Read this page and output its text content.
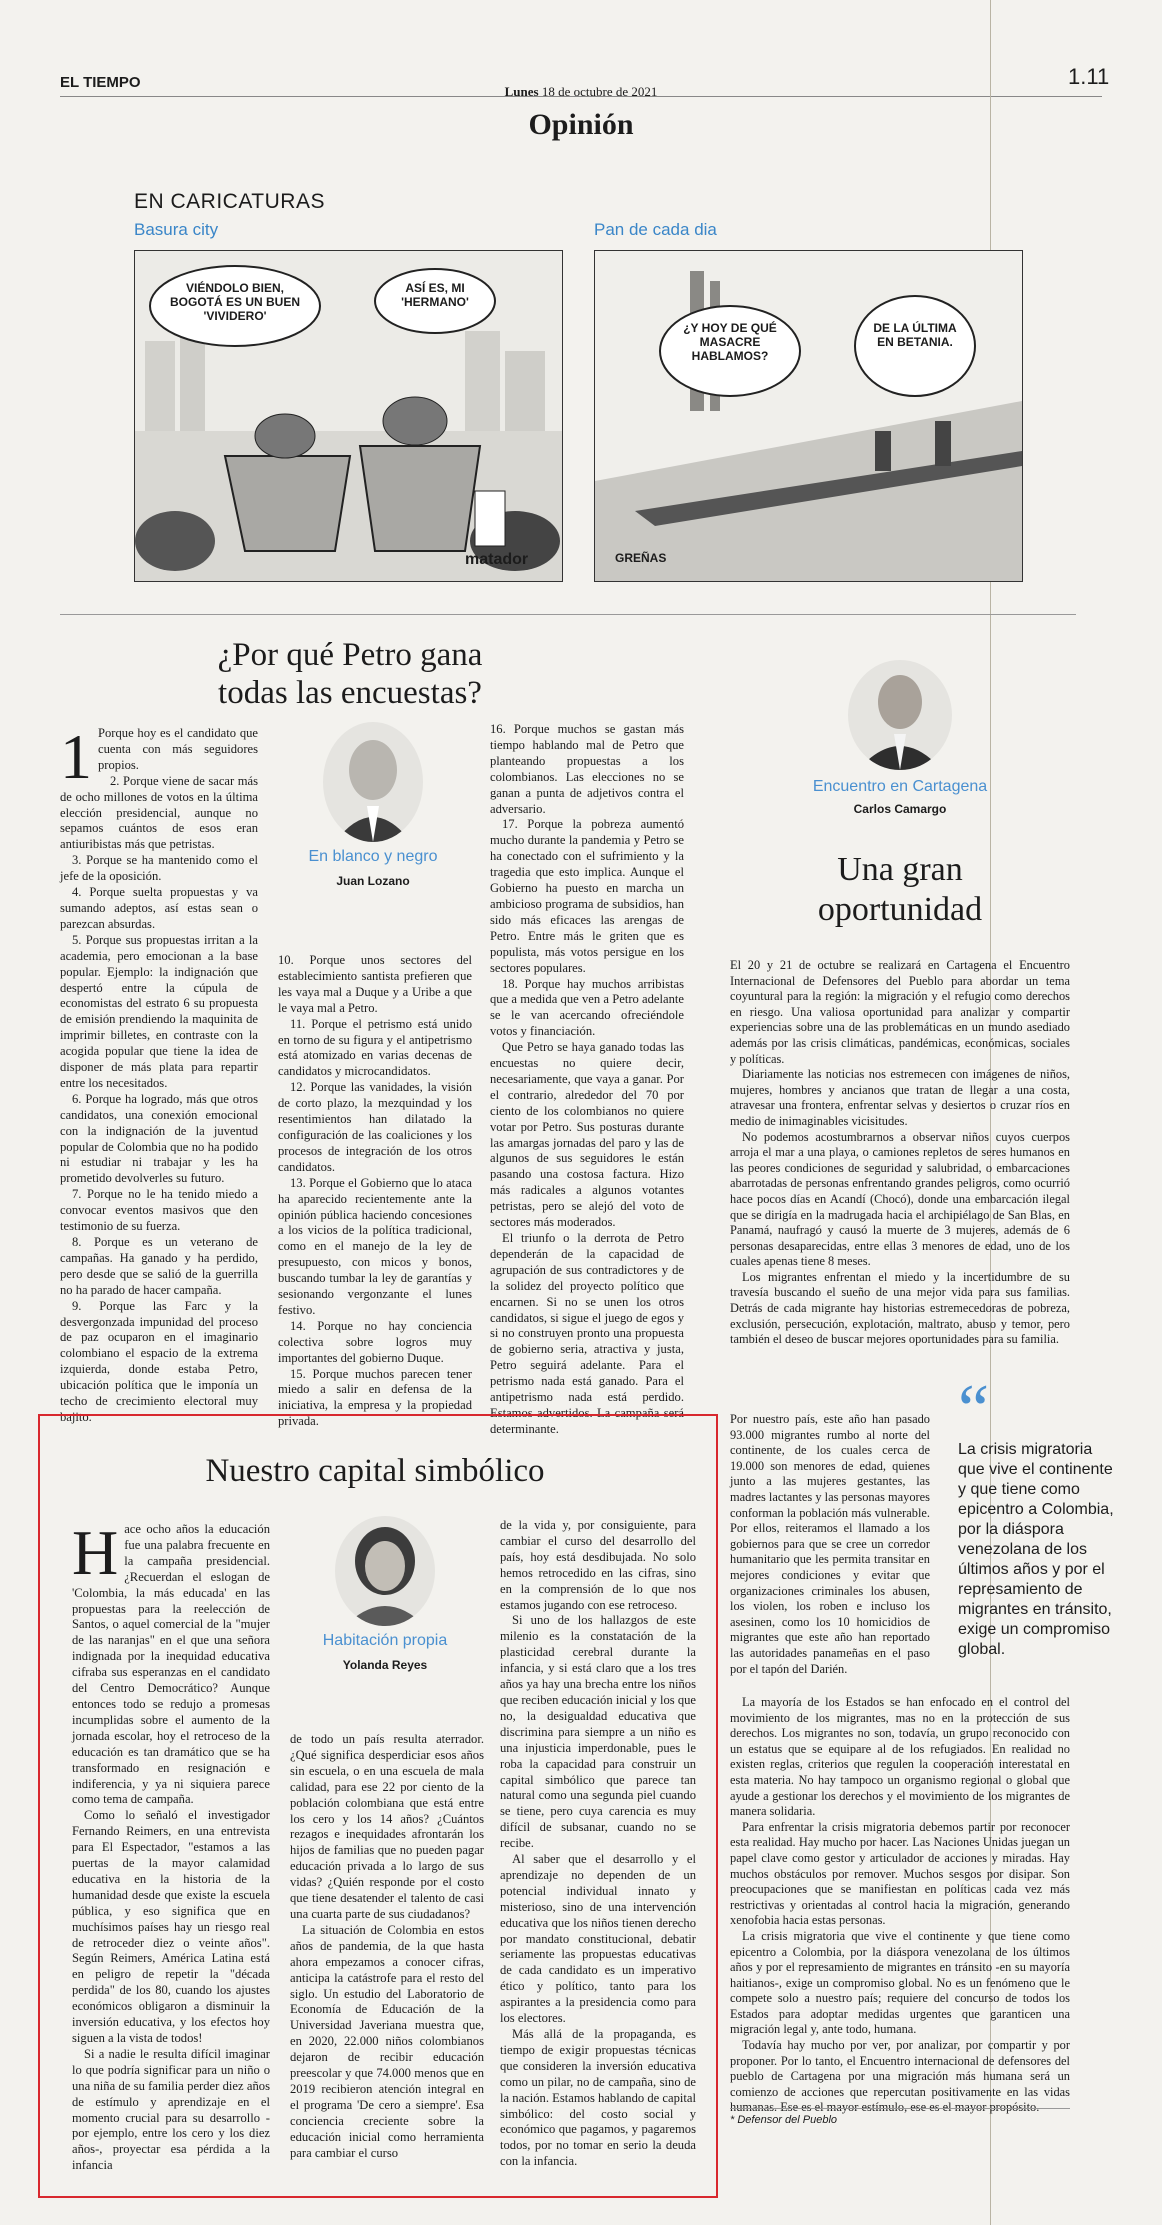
EL TIEMPO
Lunes 18 de octubre de 2021
1.11
Opinión
EN CARICATURAS
Basura city	Pan de cada dia
VIÉNDOLO BIEN, BOGOTÁ ES UN BUEN 'VIVIDERO'
ASÍ ES, MI 'HERMANO'
matador
¿Y HOY DE QUÉ MASACRE HABLAMOS?
DE LA ÚLTIMA EN BETANIA.
GREÑAS
¿Por qué Petro gana
todas las encuestas?

1 Porque hoy es el candidato que cuenta con más seguidores propios.

2. Porque viene de sacar más de ocho millones de votos en la última elección presidencial, aunque no sepamos cuántos de esos eran antiuribistas más que petristas.

3. Porque se ha mantenido como el jefe de la oposición.

4. Porque suelta propuestas y va sumando adeptos, así estas sean o parezcan absurdas.

5. Porque sus propuestas irritan a la academia, pero emocionan a la base popular. Ejemplo: la indignación que despertó entre la cúpula de economistas del estrato 6 su propuesta de emisión prendiendo la maquinita de imprimir billetes, en contraste con la acogida popular que tiene la idea de disponer de más plata para repartir entre los necesitados.

6. Porque ha logrado, más que otros candidatos, una conexión emocional con la indignación de la juventud popular de Colombia que no ha podido ni estudiar ni trabajar y les ha prometido devolverles su futuro.

7. Porque no le ha tenido miedo a convocar eventos masivos que den testimonio de su fuerza.

8. Porque es un veterano de campañas. Ha ganado y ha perdido, pero desde que se salió de la guerrilla no ha parado de hacer campaña.

9. Porque las Farc y la desvergonzada impunidad del proceso de paz ocuparon en el imaginario colombiano el espacio de la extrema izquierda, donde estaba Petro, ubicación política que le imponía un techo de crecimiento electoral muy bajito.

En blanco y negro
Juan Lozano

10. Porque unos sectores del establecimiento santista prefieren que les vaya mal a Duque y a Uribe a que le vaya mal a Petro.

11. Porque el petrismo está unido en torno de su figura y el antipetrismo está atomizado en varias decenas de candidatos y microcandidatos.

12. Porque las vanidades, la visión de corto plazo, la mezquindad y los resentimientos han dilatado la configuración de las coaliciones y los procesos de integración de los otros candidatos.

13. Porque el Gobierno que lo ataca ha aparecido recientemente ante la opinión pública haciendo concesiones a los vicios de la política tradicional, como en el manejo de la ley de presupuesto, con micos y bonos, buscando tumbar la ley de garantías y sesionando vergonzante el lunes festivo.

14. Porque no hay conciencia colectiva sobre logros muy importantes del gobierno Duque.

15. Porque muchos parecen tener miedo a salir en defensa de la iniciativa, la empresa y la propiedad privada.

16. Porque muchos se gastan más tiempo hablando mal de Petro que planteando propuestas a los colombianos. Las elecciones no se ganan a punta de adjetivos contra el adversario.

17. Porque la pobreza aumentó mucho durante la pandemia y Petro se ha conectado con el sufrimiento y la tragedia que esto implica. Aunque el Gobierno ha puesto en marcha un ambicioso programa de subsidios, han sido más eficaces las arengas de Petro. Entre más le griten que es populista, más votos persigue en los sectores populares.

18. Porque hay muchos arribistas que a medida que ven a Petro adelante se le van acercando ofreciéndole votos y financiación.

Que Petro se haya ganado todas las encuestas no quiere decir, necesariamente, que vaya a ganar. Por el contrario, alrededor del 70 por ciento de los colombianos no quiere votar por Petro. Sus posturas durante las amargas jornadas del paro y las de algunos de sus seguidores le están pasando una costosa factura. Hizo más radicales a algunos votantes petristas, pero se alejó del voto de sectores más moderados.

El triunfo o la derrota de Petro dependerán de la capacidad de agrupación de sus contradictores y de la solidez del proyecto político que encarnen. Si no se unen los otros candidatos, si sigue el juego de egos y si no construyen pronto una propuesta de gobierno seria, atractiva y justa, Petro seguirá adelante. Para el petrismo nada está ganado. Para el antipetrismo nada está perdido. Estamos advertidos. La campaña será determinante.

Encuentro en Cartagena
Carlos Camargo
Una gran
oportunidad

El 20 y 21 de octubre se realizará en Cartagena el Encuentro Internacional de Defensores del Pueblo para abordar un tema coyuntural para la región: la migración y el refugio como derechos en riesgo. Una valiosa oportunidad para analizar y compartir experiencias sobre una de las problemáticas en un mundo asediado además por las crisis climáticas, pandémicas, económicas, sociales y políticas.

Diariamente las noticias nos estremecen con imágenes de niños, mujeres, hombres y ancianos que tratan de llegar a una costa, atravesar una frontera, enfrentar selvas y desiertos o cruzar ríos en medio de inimaginables vicisitudes.

No podemos acostumbrarnos a observar niños cuyos cuerpos arroja el mar a una playa, o camiones repletos de seres humanos en las peores condiciones de seguridad y salubridad, o embarcaciones abarrotadas de personas enfrentando grandes peligros, como ocurrió hace pocos días en Acandí (Chocó), donde una embarcación ilegal que se dirigía en la madrugada hacia el archipiélago de San Blas, en Panamá, naufragó y causó la muerte de 3 mujeres, además de 6 personas desaparecidas, entre ellas 3 menores de edad, uno de los cuales apenas tiene 8 meses.

Los migrantes enfrentan el miedo y la incertidumbre de su travesía buscando el sueño de una mejor vida para sus familias. Detrás de cada migrante hay historias estremecedoras de pobreza, exclusión, persecución, explotación, maltrato, abuso y temor, pero también el deseo de buscar mejores oportunidades para su familia.

Por nuestro país, este año han pasado 93.000 migrantes rumbo al norte del continente, de los cuales cerca de 19.000 son menores de edad, quienes junto a las mujeres gestantes, las madres lactantes y las personas mayores conforman la población más vulnerable. Por ellos, reiteramos el llamado a los gobiernos para que se cree un corredor humanitario que les permita transitar en mejores condiciones y evitar que organizaciones criminales los abusen, los violen, los roben e incluso los asesinen, como los 10 homicidios de migrantes que este año han reportado las autoridades panameñas en el paso por el tapón del Darién.

“
La crisis migratoria que vive el continente y que tiene como epicentro a Colombia, por la diáspora venezolana de los últimos años y por el represamiento de migrantes en tránsito, exige un compromiso global.

La mayoría de los Estados se han enfocado en el control del movimiento de los migrantes, mas no en la protección de sus derechos. Los migrantes no son, todavía, un grupo reconocido con un estatus que se equipare al de los refugiados. En realidad no existen reglas, criterios que regulen la cooperación interestatal en esta materia. No hay tampoco un organismo regional o global que ayude a gestionar los derechos y el movimiento de los migrantes de manera solidaria.

Para enfrentar la crisis migratoria debemos partir por reconocer esta realidad. Hay mucho por hacer. Las Naciones Unidas juegan un papel clave como gestor y articulador de acciones y miradas. Hay muchos obstáculos por remover. Muchos sesgos por disipar. Son preocupaciones que se manifiestan en políticas cada vez más restrictivas y orientadas al control hacia la migración, generando xenofobia hacia estas personas.

La crisis migratoria que vive el continente y que tiene como epicentro a Colombia, por la diáspora venezolana de los últimos años y por el represamiento de migrantes en tránsito -en su mayoría haitianos-, exige un compromiso global. No es un fenómeno que le compete solo a nuestro país; requiere del concurso de todos los Estados para adoptar medidas urgentes que garanticen una migración legal y, ante todo, humana.

Todavía hay mucho por ver, por analizar, por compartir y por proponer. Por lo tanto, el Encuentro internacional de defensores del pueblo de Cartagena por una migración más humana será un comienzo de acciones que repercutan positivamente en las vidas humanas. Ese es el mayor estímulo, ese es el mayor propósito.

* Defensor del Pueblo
Nuestro capital simbólico

Hace ocho años la educación fue una palabra frecuente en la campaña presidencial. ¿Recuerdan el eslogan de 'Colombia, la más educada' en las propuestas para la reelección de Santos, o aquel comercial de la "mujer de las naranjas" en el que una señora indignada por la inequidad educativa cifraba sus esperanzas en el candidato del Centro Democrático? Aunque entonces todo se redujo a promesas incumplidas sobre el aumento de la jornada escolar, hoy el retroceso de la educación es tan dramático que se ha transformado en resignación e indiferencia, y ya ni siquiera parece como tema de campaña.

Como lo señaló el investigador Fernando Reimers, en una entrevista para El Espectador, "estamos a las puertas de la mayor calamidad educativa en la historia de la humanidad desde que existe la escuela pública, y eso significa que en muchísimos países hay un riesgo real de retroceder diez o veinte años". Según Reimers, América Latina está en peligro de repetir la "década perdida" de los 80, cuando los ajustes económicos obligaron a disminuir la inversión educativa, y los efectos hoy siguen a la vista de todos!

Si a nadie le resulta difícil imaginar lo que podría significar para un niño o una niña de su familia perder diez años de estímulo y aprendizaje en el momento crucial para su desarrollo -por ejemplo, entre los cero y los diez años-, proyectar esa pérdida a la infancia

Habitación propia
Yolanda Reyes

de todo un país resulta aterrador. ¿Qué significa desperdiciar esos años sin escuela, o en una escuela de mala calidad, para ese 22 por ciento de la población colombiana que está entre los cero y los 14 años? ¿Cuántos rezagos e inequidades afrontarán los hijos de familias que no pueden pagar educación privada a lo largo de sus vidas? ¿Quién responde por el costo que tiene desatender el talento de casi una cuarta parte de sus ciudadanos?

La situación de Colombia en estos años de pandemia, de la que hasta ahora empezamos a conocer cifras, anticipa la catástrofe para el resto del siglo. Un estudio del Laboratorio de Economía de Educación de la Universidad Javeriana muestra que, en 2020, 22.000 niños colombianos dejaron de recibir educación preescolar y que 74.000 menos que en 2019 recibieron atención integral en el programa 'De cero a siempre'. Esa conciencia creciente sobre la educación inicial como herramienta para cambiar el curso

de la vida y, por consiguiente, para cambiar el curso del desarrollo del país, hoy está desdibujada. No solo hemos retrocedido en las cifras, sino en la comprensión de lo que nos estamos jugando con ese retroceso.

Si uno de los hallazgos de este milenio es la constatación de la plasticidad cerebral durante la infancia, y si está claro que a los tres años ya hay una brecha entre los niños que reciben educación inicial y los que no, la desigualdad educativa que discrimina para siempre a un niño es una injusticia imperdonable, pues le roba la capacidad para construir un capital simbólico que parece tan natural como una segunda piel cuando se tiene, pero cuya carencia es muy difícil de subsanar, cuando no se recibe.

Al saber que el desarrollo y el aprendizaje no dependen de un potencial individual innato y misterioso, sino de una intervención educativa que los niños tienen derecho por mandato constitucional, debatir seriamente las propuestas educativas de cada candidato es un imperativo ético y político, tanto para los aspirantes a la presidencia como para los electores.

Más allá de la propaganda, es tiempo de exigir propuestas técnicas que consideren la inversión educativa como un pilar, no de campaña, sino de la nación. Estamos hablando de capital simbólico: del costo social y económico que pagamos, y pagaremos todos, por no tomar en serio la deuda con la infancia.
